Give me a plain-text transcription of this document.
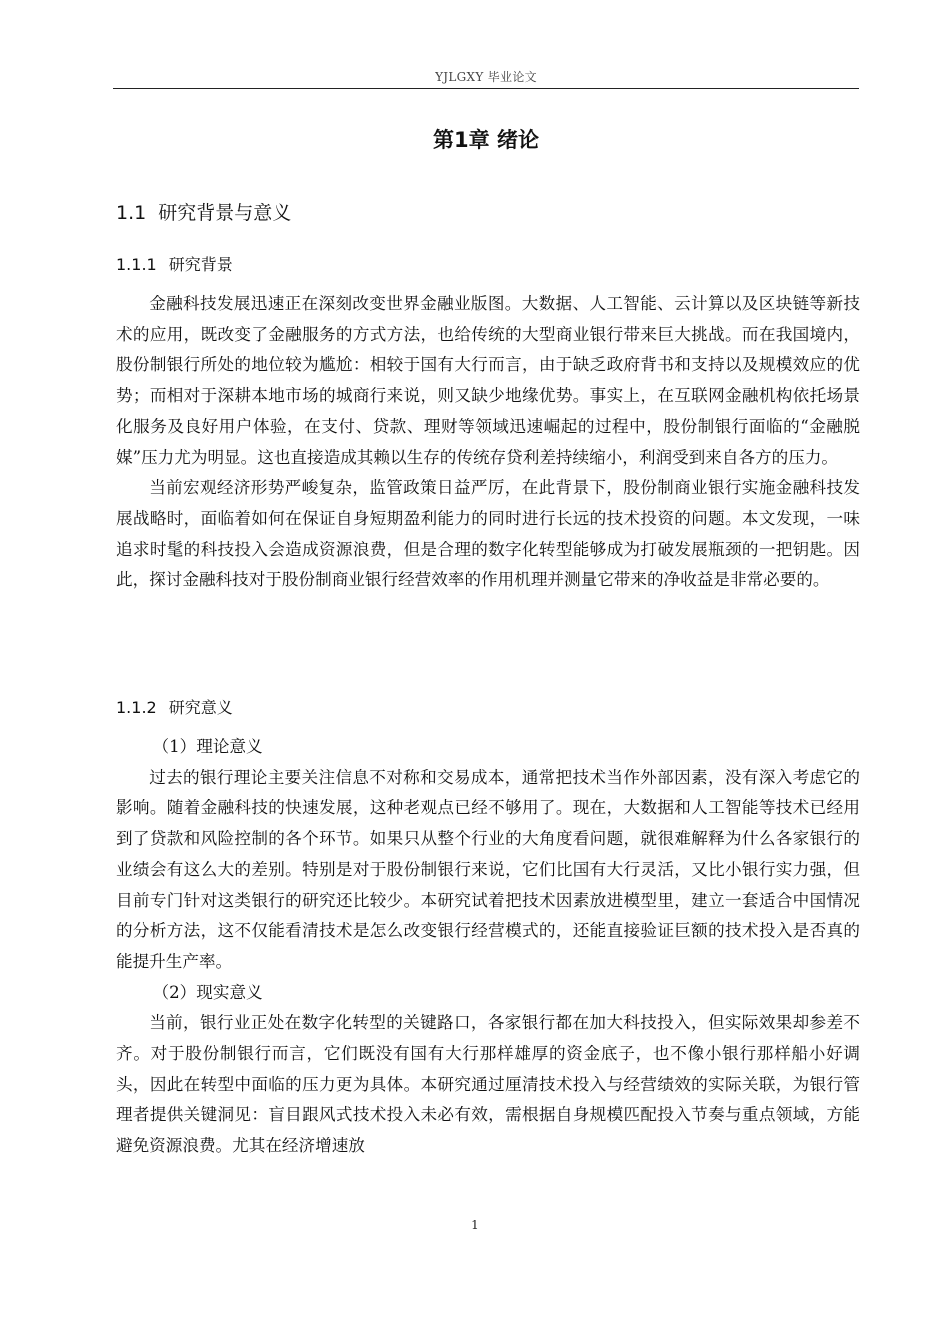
YJLGXY 毕业论文
第1章 绪论
1.1 研究背景与意义
1.1.1 研究背景

金融科技发展迅速正在深刻改变世界金融业版图。大数据、人工智能、云计算以及区块链等新技术的应用，既改变了金融服务的方式方法，也给传统的大型商业银行带来巨大挑战。而在我国境内，股份制银行所处的地位较为尴尬：相较于国有大行而言，由于缺乏政府背书和支持以及规模效应的优势；而相对于深耕本地市场的城商行来说，则又缺少地缘优势。事实上，在互联网金融机构依托场景化服务及良好用户体验，在支付、贷款、理财等领域迅速崛起的过程中，股份制银行面临的“金融脱媒”压力尤为明显。这也直接造成其赖以生存的传统存贷利差持续缩小，利润受到来自各方的压力。

当前宏观经济形势严峻复杂，监管政策日益严厉，在此背景下，股份制商业银行实施金融科技发展战略时，面临着如何在保证自身短期盈利能力的同时进行长远的技术投资的问题。本文发现，一味追求时髦的科技投入会造成资源浪费，但是合理的数字化转型能够成为打破发展瓶颈的一把钥匙。因此，探讨金融科技对于股份制商业银行经营效率的作用机理并测量它带来的净收益是非常必要的。

1.1.2 研究意义
（1）理论意义

过去的银行理论主要关注信息不对称和交易成本，通常把技术当作外部因素，没有深入考虑它的影响。随着金融科技的快速发展，这种老观点已经不够用了。现在，大数据和人工智能等技术已经用到了贷款和风险控制的各个环节。如果只从整个行业的大角度看问题，就很难解释为什么各家银行的业绩会有这么大的差别。特别是对于股份制银行来说，它们比国有大行灵活，又比小银行实力强，但目前专门针对这类银行的研究还比较少。本研究试着把技术因素放进模型里，建立一套适合中国情况的分析方法，这不仅能看清技术是怎么改变银行经营模式的，还能直接验证巨额的技术投入是否真的能提升生产率。

（2）现实意义

当前，银行业正处在数字化转型的关键路口，各家银行都在加大科技投入，但实际效果却参差不齐。对于股份制银行而言，它们既没有国有大行那样雄厚的资金底子，也不像小银行那样船小好调头，因此在转型中面临的压力更为具体。本研究通过厘清技术投入与经营绩效的实际关联，为银行管理者提供关键洞见：盲目跟风式技术投入未必有效，需根据自身规模匹配投入节奏与重点领域，方能避免资源浪费。尤其在经济增速放

1
